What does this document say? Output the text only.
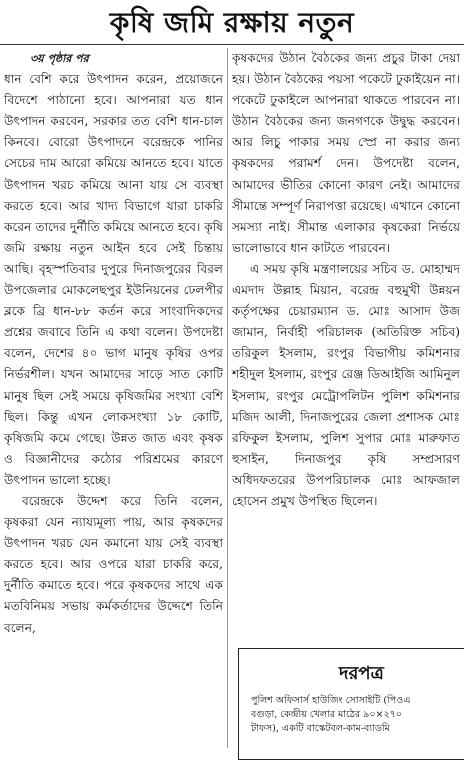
কৃষি জমি রক্ষায় নতুন
৩য় পৃষ্ঠার পর

ধান বেশি করে উৎপাদন করেন, প্রয়োজনে বিদেশে পাঠানো হবে। আপনারা যত ধান উৎপাদন করবেন, সরকার তত বেশি ধান-চাল কিনবে। বোরো উৎপাদনে বরেন্দ্রকে পানির সেচের দাম আরো কমিয়ে আনতে হবে। যাতে উৎপাদন খরচ কমিয়ে আনা যায় সে ব্যবস্থা করতে হবে। আর খাদ্য বিভাগে যারা চাকরি করেন তাদের দুর্নীতি কমিয়ে আনতে হবে। কৃষি জমি রক্ষায় নতুন আইন হবে সেই চিন্তায় আছি। বৃহস্পতিবার দুপুরে দিনাজপুরের বিরল উপজেলার মোকলেছপুর ইউনিয়নের ঢেলপীর ব্লকে ব্রি ধান-৮৮ কর্তন করে সাংবাদিকদের প্রশ্নের জবাবে তিনি এ কথা বলেন। উপদেষ্টা বলেন, দেশের ৪০ ভাগ মানুষ কৃষির ওপর নির্ভরশীল। যখন আমাদের সাড়ে সাত কোটি মানুষ ছিল সেই সময়ে কৃষিজমির সংখ্যা বেশি ছিল। কিন্তু এখন লোকসংখ্যা ১৮ কোটি, কৃষিজমি কমে গেছে। উন্নত জাত এবং কৃষক ও বিজ্ঞানীদের কঠোর পরিশ্রমের কারণে উৎপাদন ভালো হচ্ছে।

বরেন্দ্রকে উদ্দেশ করে তিনি বলেন, কৃষকরা যেন ন্যায্যমূল্য পায়, আর কৃষকদের উৎপাদন খরচ যেন কমানো যায় সেই ব্যবস্থা করতে হবে। আর ওপরে যারা চাকরি করে, দুর্নীতি কমাতে হবে। পরে কৃষকদের সাথে এক মতবিনিময় সভায় কর্মকর্তাদের উদ্দেশে তিনি বলেন,

কৃষকদের উঠান বৈঠকের জন্য প্রচুর টাকা দেয়া হয়। উঠান বৈঠকের পয়সা পকেটে ঢুকাইয়েন না। পকেটে ঢুকাইলে আপনারা থাকতে পারবেন না। উঠান বৈঠকের জন্য জনগণকে উদ্বুদ্ধ করবেন। আর লিচু পাকার সময় স্প্রে না করার জন্য কৃষকদের পরামর্শ দেন। উপদেষ্টা বলেন, আমাদের ভীতির কোনো কারণ নেই। আমাদের সীমান্তে সম্পূর্ণ নিরাপত্তা রয়েছে। এখানে কোনো সমস্যা নাই। সীমান্ত এলাকার কৃষকেরা নির্ভয়ে ভালোভাবে ধান কাটতে পারবেন।

এ সময় কৃষি মন্ত্রণালয়ের সচিব ড. মোহাম্মদ এমদাদ উল্লাহ মিয়ান, বরেন্দ্র বহুমুখী উন্নয়ন কর্তৃপক্ষের চেয়ারম্যান ড. মোঃ আসাদ উজ জামান, নির্বাহী পরিচালক (অতিরিক্ত সচিব) তরিকুল ইসলাম, রংপুর বিভাগীয় কমিশনার শহীদুল ইসলাম, রংপুর রেঞ্জ ডিআইজি আমিনুল ইসলাম, রংপুর মেট্রোপলিটন পুলিশ কমিশনার মজিদ আলী, দিনাজপুরের জেলা প্রশাসক মোঃ রফিকুল ইসলাম, পুলিশ সুপার মোঃ মারুফাত হুসাইন, দিনাজপুর কৃষি সম্প্রসারণ অধিদফতরের উপপরিচালক মোঃ আফজাল হোসেন প্রমুখ উপস্থিত ছিলেন।

দরপত্র
পুলিশ অফিসার্স হাউজিং সোসাইটি (পিওএ
বগুড়া, কেন্দ্রীয় খেলার মাঠের ৯০×২৭০
টাফস), একটি বাস্কেটবল-কাম-ব্যাডমি
